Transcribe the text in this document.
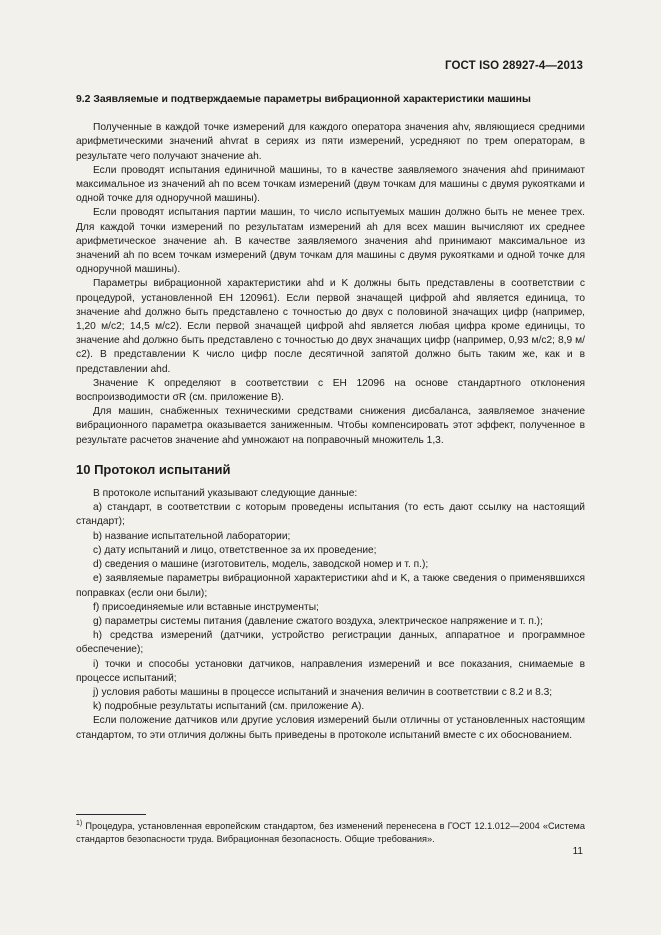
ГОСТ ISO 28927-4—2013
9.2 Заявляемые и подтверждаемые параметры вибрационной характеристики машины

Полученные в каждой точке измерений для каждого оператора значения ahv, являющиеся средними арифметическими значений ahvrat в сериях из пяти измерений, усредняют по трем операторам, в результате чего получают значение ah.

Если проводят испытания единичной машины, то в качестве заявляемого значения ahd принимают максимальное из значений ah по всем точкам измерений (двум точкам для машины с двумя рукоятками и одной точке для одноручной машины).

Если проводят испытания партии машин, то число испытуемых машин должно быть не менее трех. Для каждой точки измерений по результатам измерений ah для всех машин вычисляют их среднее арифметическое значение ah. В качестве заявляемого значения ahd принимают максимальное из значений ah по всем точкам измерений (двум точкам для машины с двумя рукоятками и одной точке для одноручной машины).

Параметры вибрационной характеристики ahd и K должны быть представлены в соответствии с процедурой, установленной ЕН 120961). Если первой значащей цифрой ahd является единица, то значение ahd должно быть представлено с точностью до двух с половиной значащих цифр (например, 1,20 м/с2; 14,5 м/с2). Если первой значащей цифрой ahd является любая цифра кроме единицы, то значение ahd должно быть представлено с точностью до двух значащих цифр (например, 0,93 м/с2; 8,9 м/с2). В представлении K число цифр после десятичной запятой должно быть таким же, как и в представлении ahd.

Значение K определяют в соответствии с ЕН 12096 на основе стандартного отклонения воспроизводимости σR (см. приложение В).

Для машин, снабженных техническими средствами снижения дисбаланса, заявляемое значение вибрационного параметра оказывается заниженным. Чтобы компенсировать этот эффект, полученное в результате расчетов значение ahd умножают на поправочный множитель 1,3.

10 Протокол испытаний

В протоколе испытаний указывают следующие данные:

a) стандарт, в соответствии с которым проведены испытания (то есть дают ссылку на настоящий стандарт);

b) название испытательной лаборатории;

c) дату испытаний и лицо, ответственное за их проведение;

d) сведения о машине (изготовитель, модель, заводской номер и т. п.);

e) заявляемые параметры вибрационной характеристики ahd и K, а также сведения о применявшихся поправках (если они были);

f) присоединяемые или вставные инструменты;

g) параметры системы питания (давление сжатого воздуха, электрическое напряжение и т. п.);

h) средства измерений (датчики, устройство регистрации данных, аппаратное и программное обеспечение);

i) точки и способы установки датчиков, направления измерений и все показания, снимаемые в процессе испытаний;

j) условия работы машины в процессе испытаний и значения величин в соответствии с 8.2 и 8.3;

k) подробные результаты испытаний (см. приложение А).

Если положение датчиков или другие условия измерений были отличны от установленных настоящим стандартом, то эти отличия должны быть приведены в протоколе испытаний вместе с их обоснованием.

$^{1)}$ Процедура, установленная европейским стандартом, без изменений перенесена в ГОСТ 12.1.012—2004 «Система стандартов безопасности труда. Вибрационная безопасность. Общие требования».
11
